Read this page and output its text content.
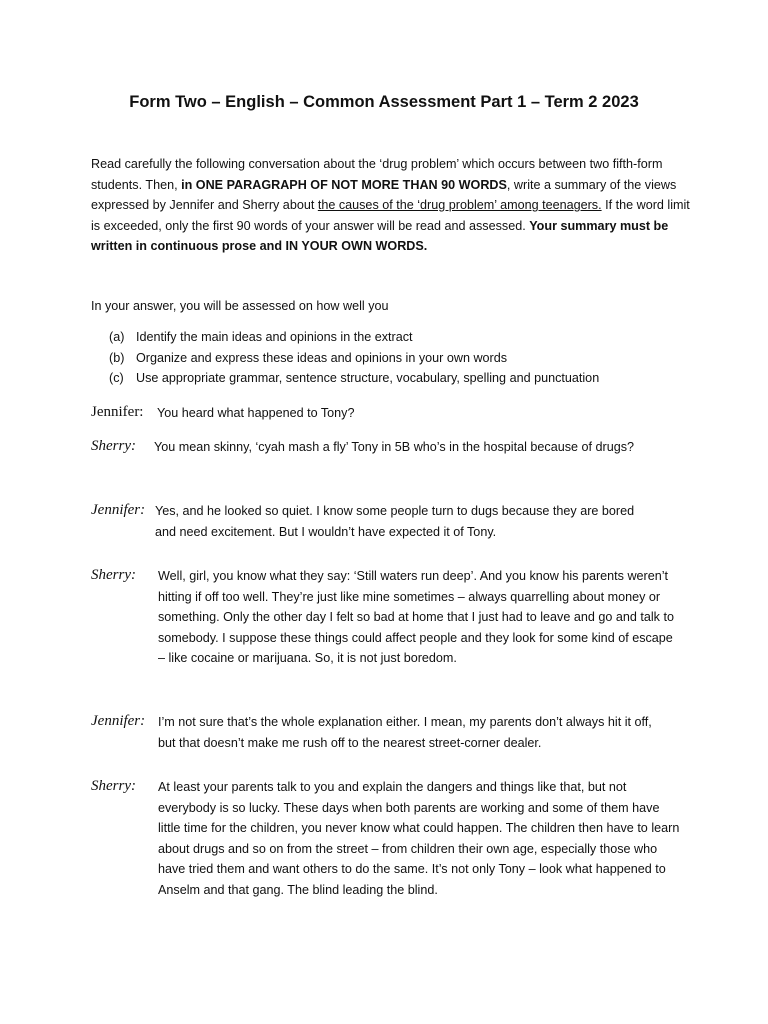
Form Two – English – Common Assessment Part 1 – Term 2 2023
Read carefully the following conversation about the ‘drug problem’ which occurs between two fifth-form students. Then, in ONE PARAGRAPH OF NOT MORE THAN 90 WORDS, write a summary of the views expressed by Jennifer and Sherry about the causes of the ‘drug problem’ among teenagers. If the word limit is exceeded, only the first 90 words of your answer will be read and assessed. Your summary must be written in continuous prose and IN YOUR OWN WORDS.
In your answer, you will be assessed on how well you
(a) Identify the main ideas and opinions in the extract
(b) Organize and express these ideas and opinions in your own words
(c) Use appropriate grammar, sentence structure, vocabulary, spelling and punctuation
Jennifer: You heard what happened to Tony?
Sherry: You mean skinny, ‘cyah mash a fly’ Tony in 5B who’s in the hospital because of drugs?
Jennifer: Yes, and he looked so quiet. I know some people turn to dugs because they are bored and need excitement. But I wouldn’t have expected it of Tony.
Sherry: Well, girl, you know what they say: ‘Still waters run deep’. And you know his parents weren’t hitting if off too well. They’re just like mine sometimes – always quarrelling about money or something. Only the other day I felt so bad at home that I just had to leave and go and talk to somebody. I suppose these things could affect people and they look for some kind of escape – like cocaine or marijuana. So, it is not just boredom.
Jennifer: I’m not sure that’s the whole explanation either. I mean, my parents don’t always hit it off, but that doesn’t make me rush off to the nearest street-corner dealer.
Sherry: At least your parents talk to you and explain the dangers and things like that, but not everybody is so lucky. These days when both parents are working and some of them have little time for the children, you never know what could happen. The children then have to learn about drugs and so on from the street – from children their own age, especially those who have tried them and want others to do the same. It’s not only Tony – look what happened to Anselm and that gang. The blind leading the blind.
